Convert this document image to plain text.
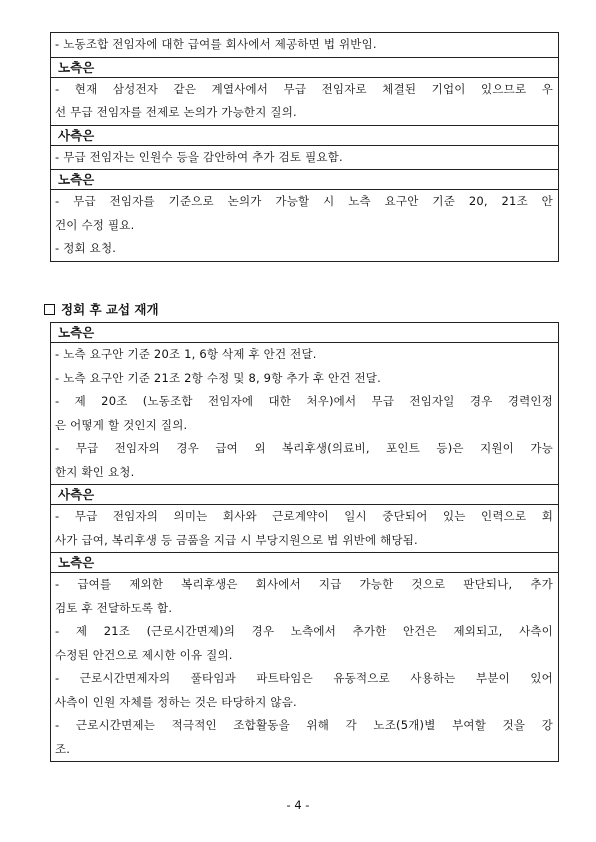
- 노동조합 전임자에 대한 급여를 회사에서 제공하면 법 위반임.
노측은
- 현재 삼성전자 같은 계열사에서 무급 전임자로 체결된 기업이 있으므로 우
선 무급 전임자를 전제로 논의가 가능한지 질의.
사측은
- 무급 전임자는 인원수 등을 감안하여 추가 검토 필요함.
노측은
- 무급 전임자를 기준으로 논의가 가능할 시 노측 요구안 기준 20, 21조 안
건이 수정 필요.
- 정회 요청.
정회 후 교섭 재개
노측은
- 노측 요구안 기준 20조 1, 6항 삭제 후 안건 전달.
- 노측 요구안 기준 21조 2항 수정 및 8, 9항 추가 후 안건 전달.
- 제 20조 (노동조합 전임자에 대한 처우)에서 무급 전임자일 경우 경력인정
은 어떻게 할 것인지 질의.
- 무급 전임자의 경우 급여 외 복리후생(의료비, 포인트 등)은 지원이 가능
한지 확인 요청.
사측은
- 무급 전임자의 의미는 회사와 근로계약이 일시 중단되어 있는 인력으로 회
사가 급여, 복리후생 등 금품을 지급 시 부당지원으로 법 위반에 해당됨.
노측은
- 급여를 제외한 복리후생은 회사에서 지급 가능한 것으로 판단되나, 추가
검토 후 전달하도록 함.
- 제 21조 (근로시간면제)의 경우 노측에서 추가한 안건은 제외되고, 사측이
수정된 안건으로 제시한 이유 질의.
- 근로시간면제자의 풀타임과 파트타임은 유동적으로 사용하는 부분이 있어
사측이 인원 자체를 정하는 것은 타당하지 않음.
- 근로시간면제는 적극적인 조합활동을 위해 각 노조(5개)별 부여할 것을 강
조.
- 4 -
